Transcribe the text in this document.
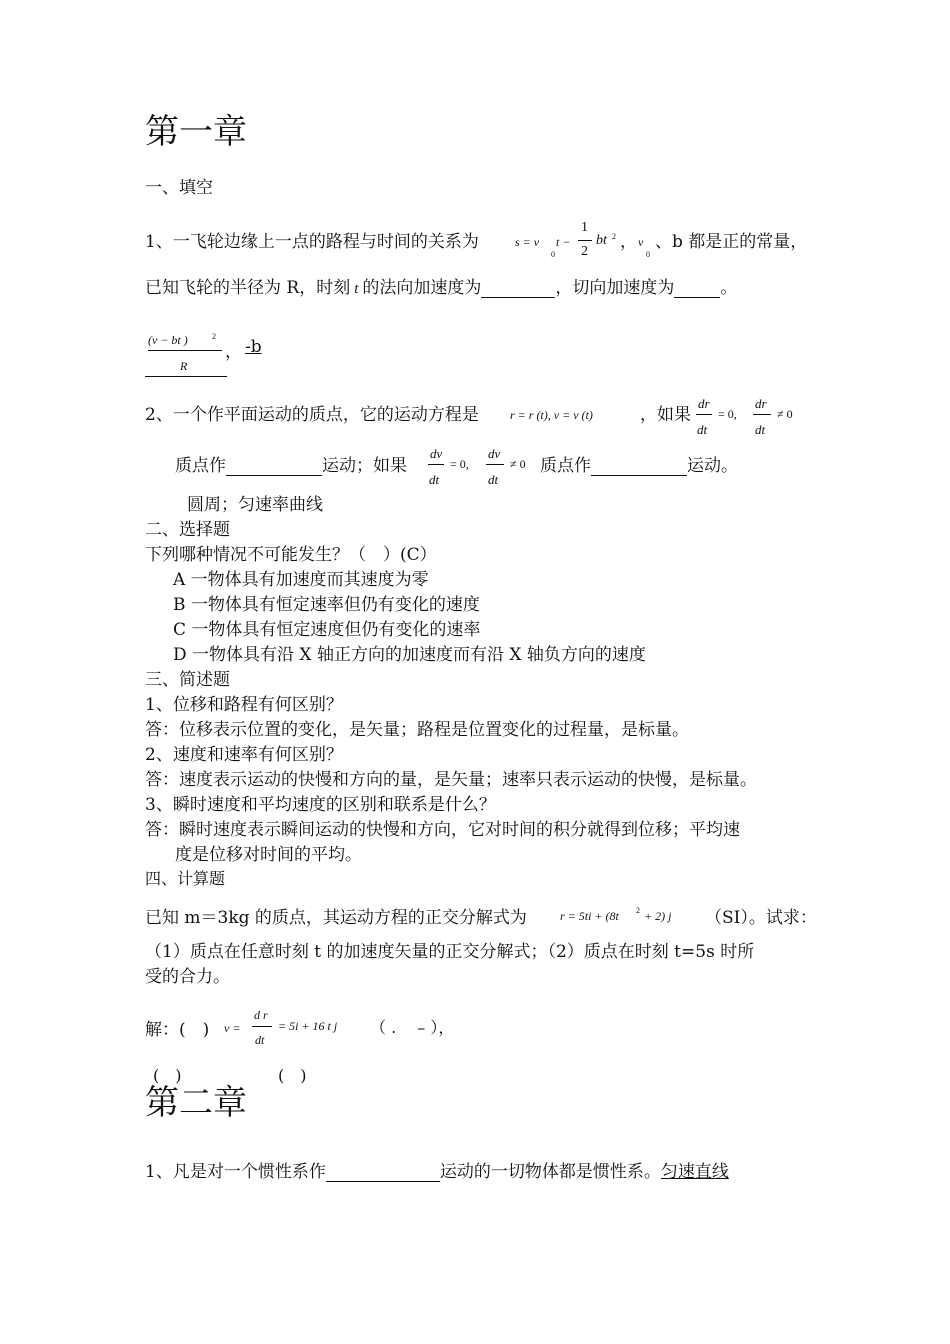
第一章
一、填空
1、一飞轮边缘上一点的路程与时间的关系为	s = v
0
t −
1
2
bt 2 ， v
0
、b 都是正的常量，
已知飞轮的半径为 R，时刻 t 的法向加速度为	，切向加速度为	。
(v − bt )	2
R
， -b
2、一个作平面运动的质点，它的运动方程是	r = r (t), v = v (t)	，如果
dr
dt
= 0,
dr
dt
≠ 0
质点作	运动；如果
dv
dt
= 0,
dv
dt
≠ 0 质点作	运动。
圆周；匀速率曲线
二、选择题
下列哪种情况不可能发生？（　）(C）
A 一物体具有加速度而其速度为零
B 一物体具有恒定速率但仍有变化的速度
C 一物体具有恒定速度但仍有变化的速率
D 一物体具有沿 X 轴正方向的加速度而有沿 X 轴负方向的速度
三、简述题
1、位移和路程有何区别？
答：位移表示位置的变化，是矢量；路程是位置变化的过程量，是标量。
2、速度和速率有何区别？
答：速度表示运动的快慢和方向的量，是矢量；速率只表示运动的快慢，是标量。
3、瞬时速度和平均速度的区别和联系是什么？
答：瞬时速度表示瞬间运动的快慢和方向，它对时间的积分就得到位移；平均速
度是位移对时间的平均。
四、计算题
已知 m＝3kg 的质点，其运动方程的正交分解式为	r = 5ti + (8t 2 + 2) j （SI）。试求：
（1）质点在任意时刻 t 的加速度矢量的正交分解式；（2）质点在时刻 t=5s 时所
受的合力。
解：(　) v =
d r
dt
= 5i + 16 t j （ .　 – ），
(　)	(　)
第二章
1、凡是对一个惯性系作	运动的一切物体都是惯性系。匀速直线
